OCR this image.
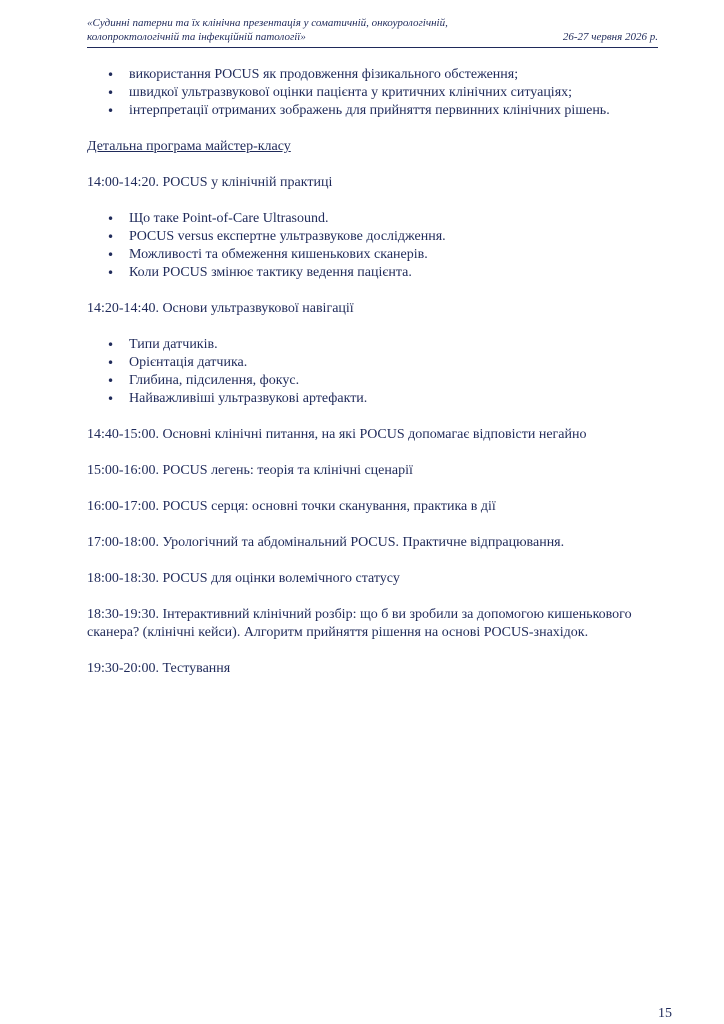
«Судинні патерни та їх клінічна презентація у соматичній, онкоурологічній,
колопроктологічній та інфекційній патології»	26-27 червня 2026 р.
• використання POCUS як продовження фізикального обстеження;
• швидкої ультразвукової оцінки пацієнта у критичних клінічних ситуаціях;
• інтерпретації отриманих зображень для прийняття первинних клінічних рішень.
Детальна програма майстер-класу
14:00-14:20. POCUS у клінічній практиці
• Що таке Point-of-Care Ultrasound.
• POCUS versus експертне ультразвукове дослідження.
• Можливості та обмеження кишенькових сканерів.
• Коли POCUS змінює тактику ведення пацієнта.
14:20-14:40. Основи ультразвукової навігації
• Типи датчиків.
• Орієнтація датчика.
• Глибина, підсилення, фокус.
• Найважливіші ультразвукові артефакти.
14:40-15:00. Основні клінічні питання, на які POCUS допомагає відповісти негайно
15:00-16:00. POCUS легень: теорія та клінічні сценарії
16:00-17:00. POCUS серця: основні точки сканування, практика в дії
17:00-18:00. Урологічний та абдомінальний POCUS. Практичне відпрацювання.
18:00-18:30. POCUS для оцінки волемічного статусу
18:30-19:30. Інтерактивний клінічний розбір: що б ви зробили за допомогою кишенькового сканера? (клінічні кейси). Алгоритм прийняття рішення на основі POCUS-знахідок.
19:30-20:00. Тестування
15
